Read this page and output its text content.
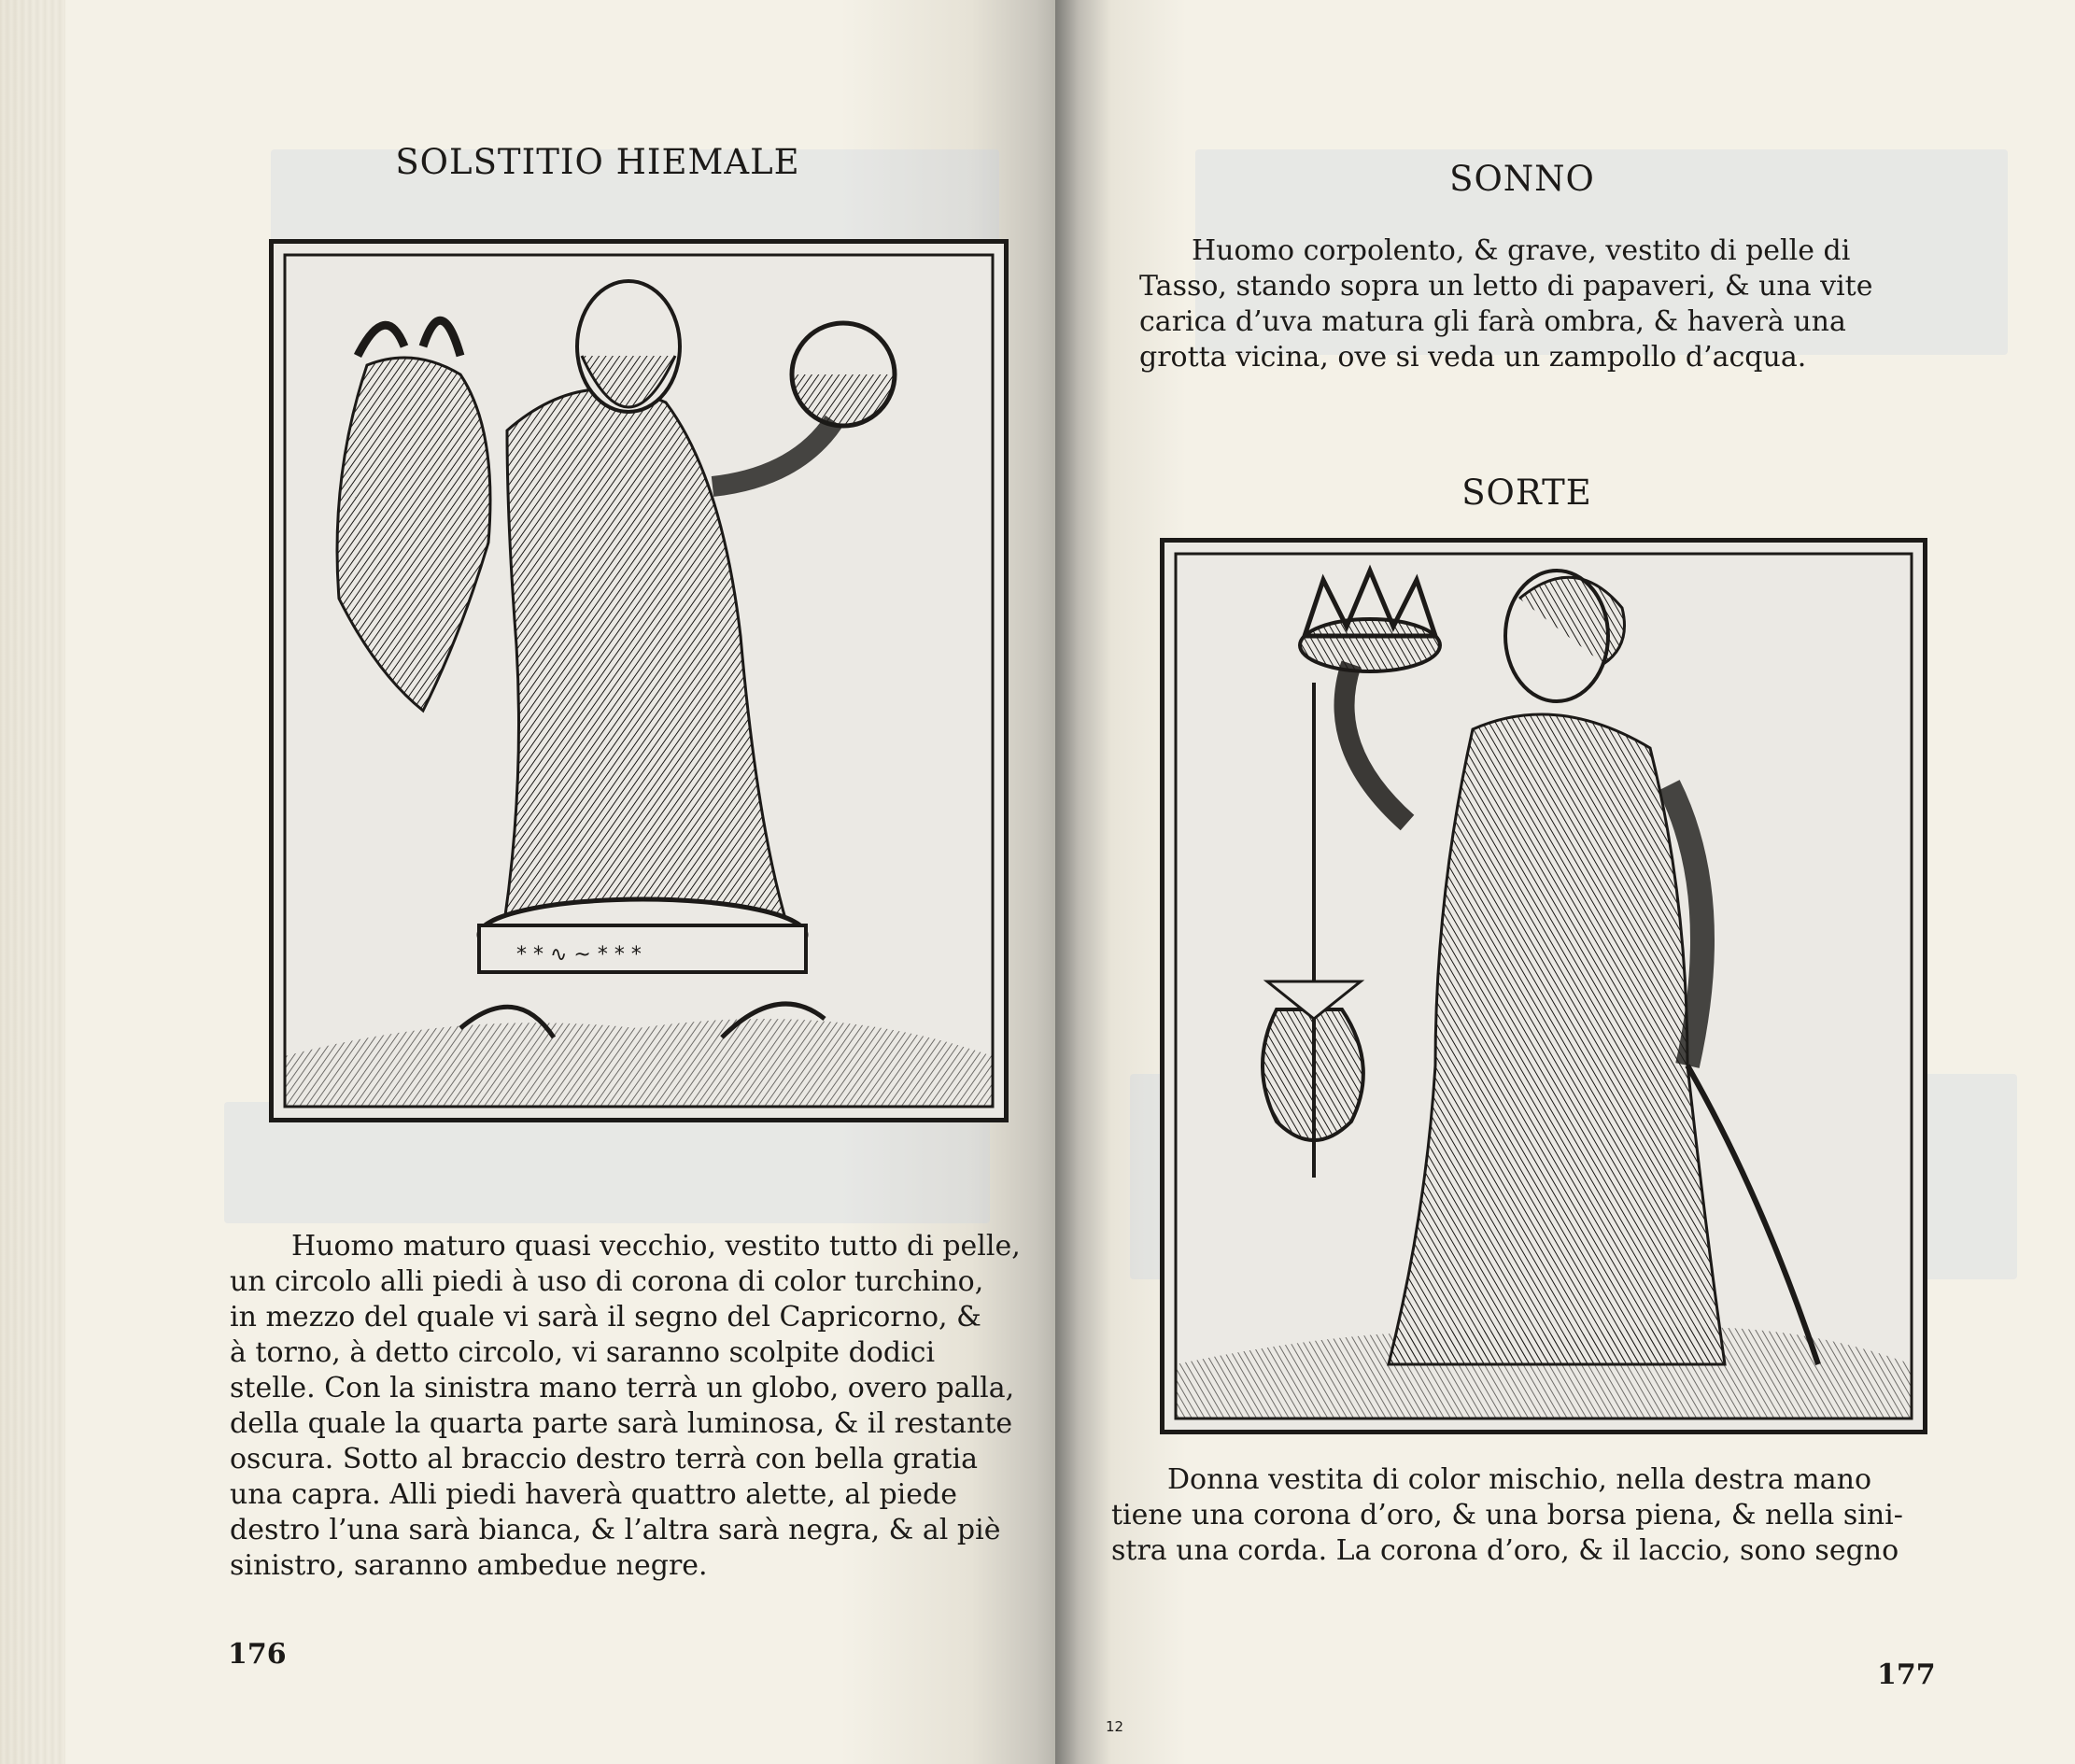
SOLSTITIO HIEMALE
* * ∿ ~ * * *
Huomo maturo quasi vecchio, vestito tutto di pelle,
un circolo alli piedi à uso di corona di color turchino,
in mezzo del quale vi sarà il segno del Capricorno, &
à torno, à detto circolo, vi saranno scolpite dodici
stelle. Con la sinistra mano terrà un globo, overo palla,
della quale la quarta parte sarà luminosa, & il restante
oscura. Sotto al braccio destro terrà con bella gratia
una capra. Alli piedi haverà quattro alette, al piede
destro l’una sarà bianca, & l’altra sarà negra, & al piè
sinistro, saranno ambedue negre.
176
SONNO
Huomo corpolento, & grave, vestito di pelle di
Tasso, stando sopra un letto di papaveri, & una vite
carica d’uva matura gli farà ombra, & haverà una
grotta vicina, ove si veda un zampollo d’acqua.
SORTE
Donna vestita di color mischio, nella destra mano
tiene una corona d’oro, & una borsa piena, & nella sini-
stra una corda. La corona d’oro, & il laccio, sono segno
177
12
